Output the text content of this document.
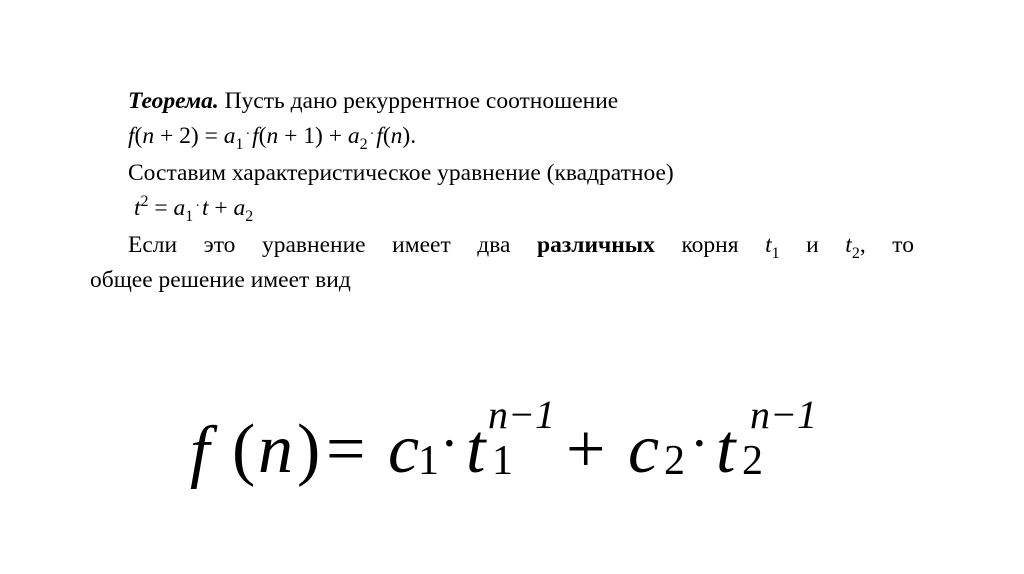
Теорема. Пусть дано рекуррентное соотношение
$f(n + 2) = a_1\cdot f(n + 1) + a_2\cdot f(n)$.
Составим характеристическое уравнение (квадратное)
$t^2 = a_1\cdot t + a_2$
Если это уравнение имеет два различных корня $t_1$ и $t_2$, то
общее решение имеет вид
f ( n ) = c
1 · t 1
n−1 + c 2 · t 2
n−1
